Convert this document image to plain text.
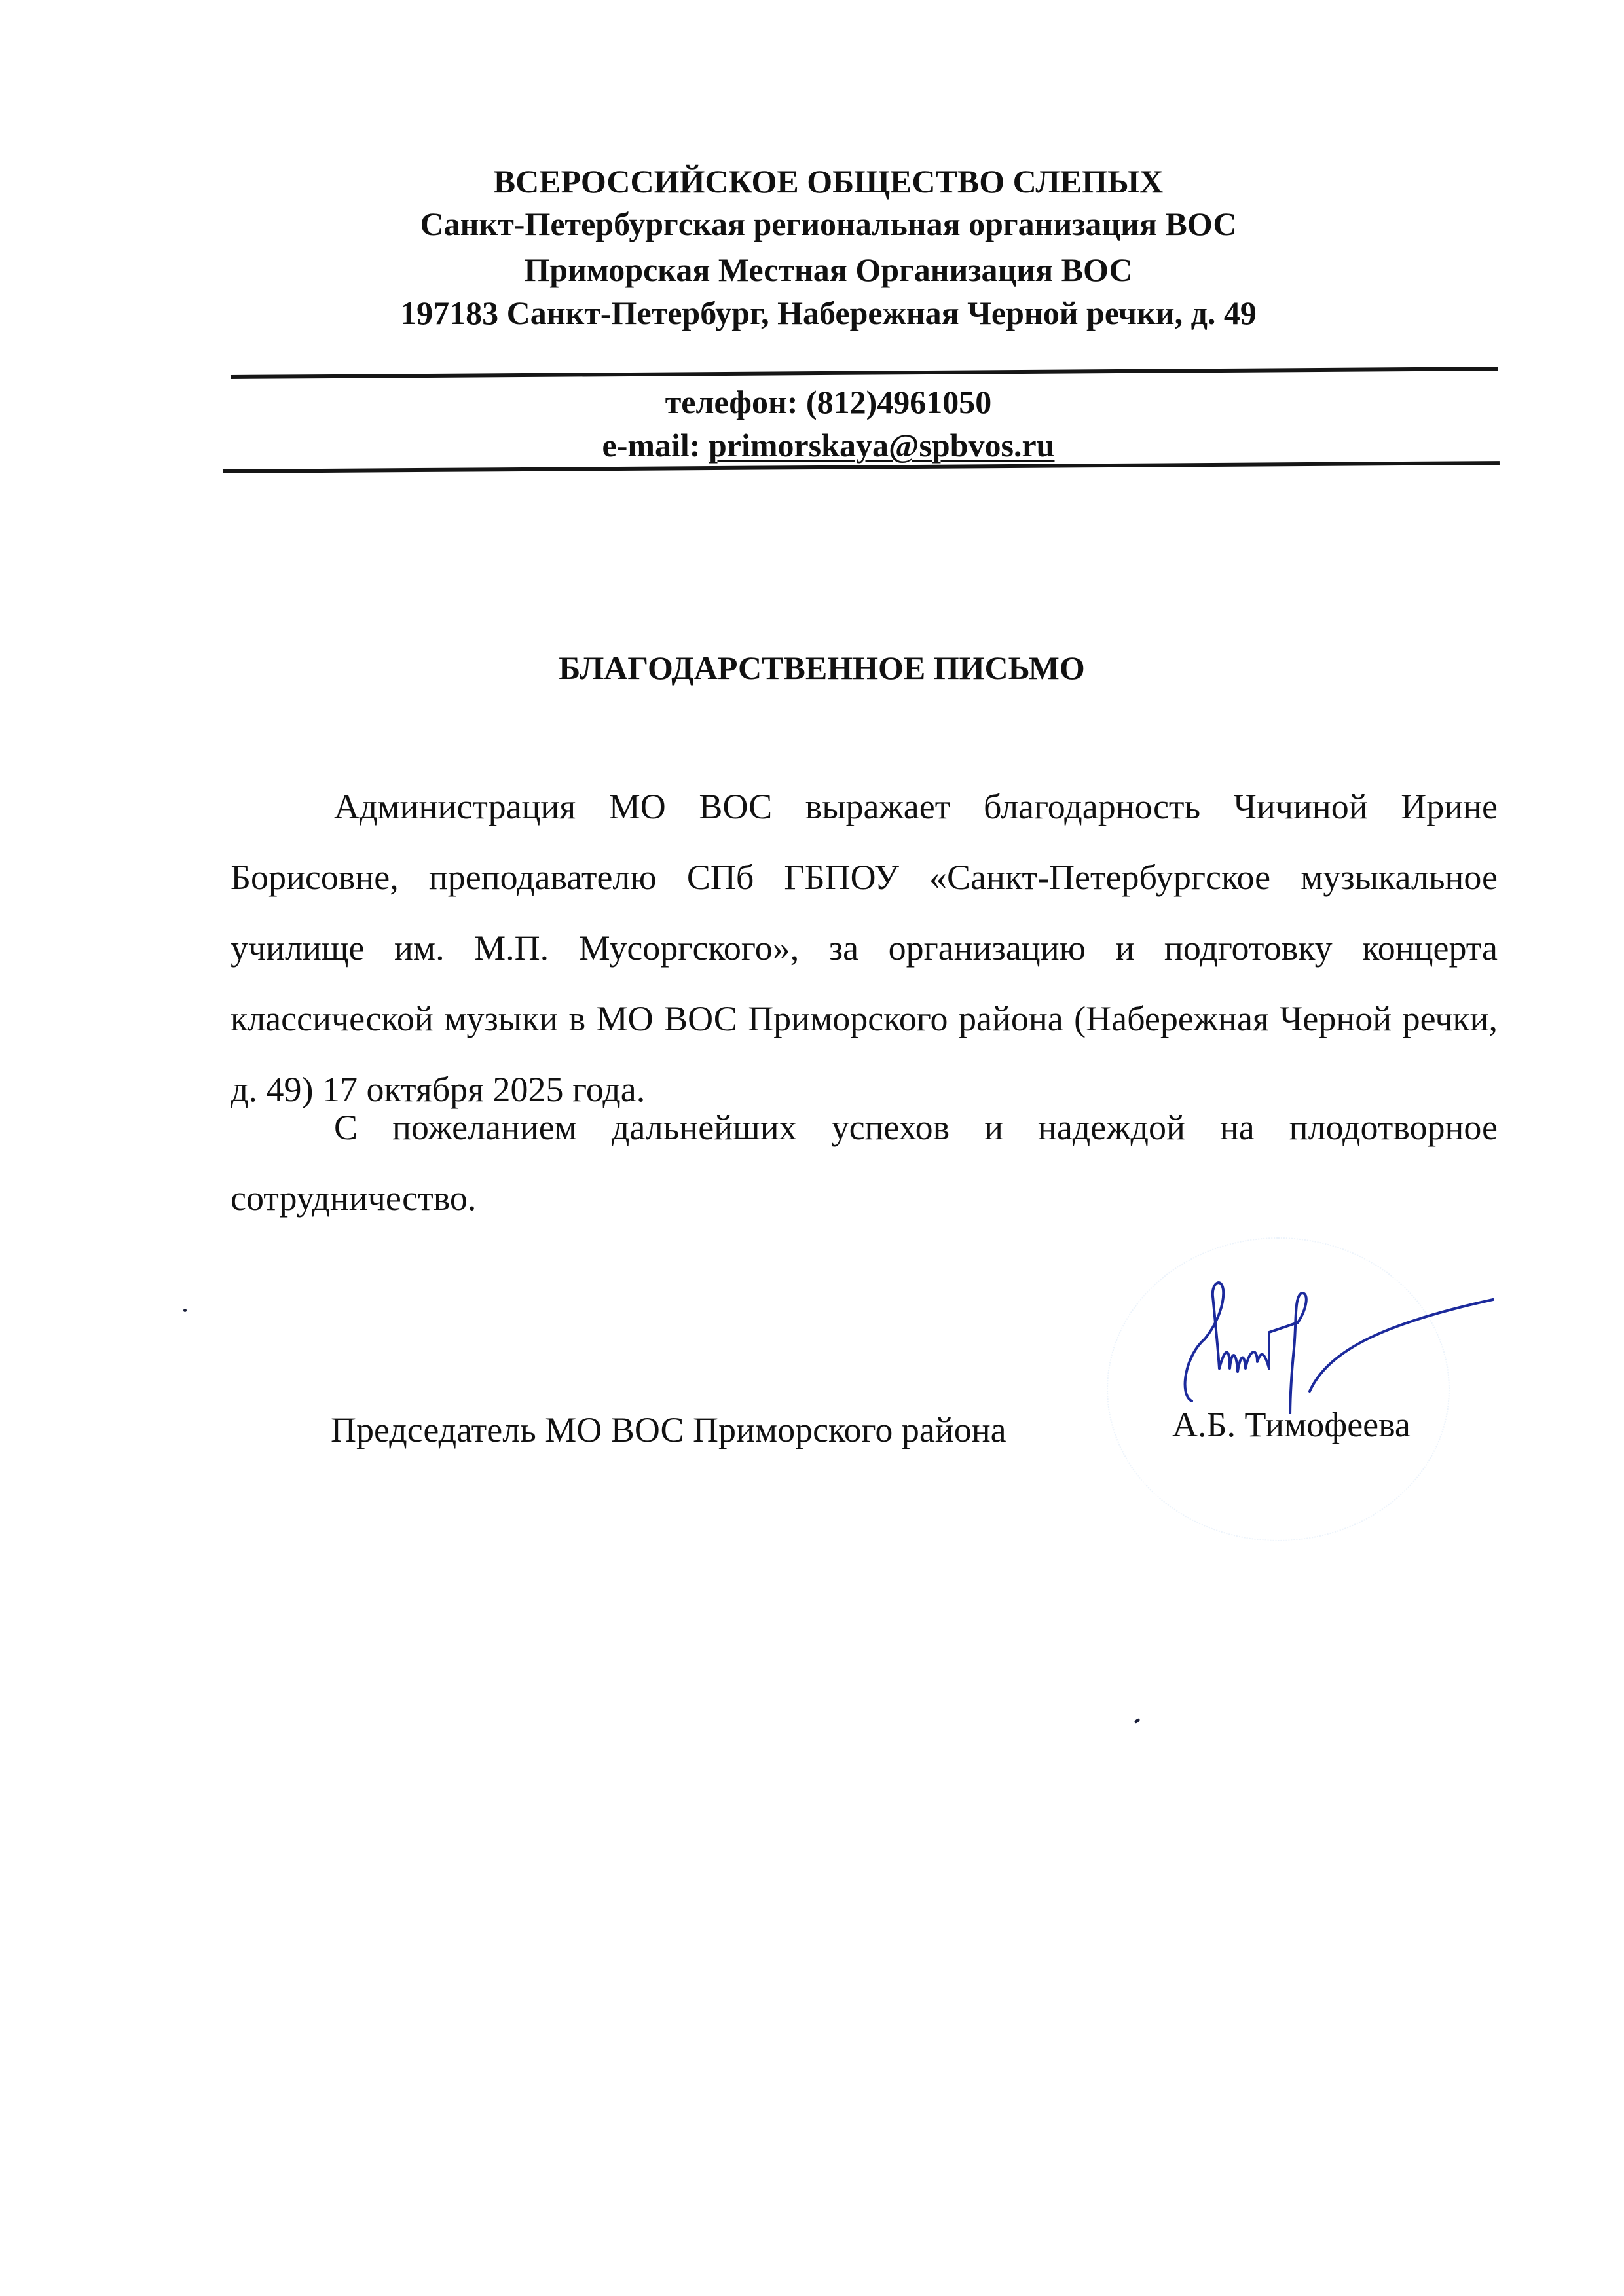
ВСЕРОССИЙСКОЕ ОБЩЕСТВО СЛЕПЫХ
Санкт-Петербургская региональная организация ВОС
Приморская Местная Организация ВОС
197183 Санкт-Петербург, Набережная Черной речки, д. 49
телефон: (812)4961050
e-mail: primorskaya@spbvos.ru
БЛАГОДАРСТВЕННОЕ ПИСЬМО

Администрация МО ВОС выражает благодарность Чичиной Ирине Борисовне, преподавателю СПб ГБПОУ «Санкт-Петербургское музыкальное училище им. М.П. Мусоргского», за организацию и подготовку концерта классической музыки в МО ВОС Приморского района (Набережная Черной речки, д. 49) 17 октября 2025 года.

С пожеланием дальнейших успехов и надеждой на плодотворное сотрудничество.

Председатель МО ВОС Приморского района	А.Б. Тимофеева
